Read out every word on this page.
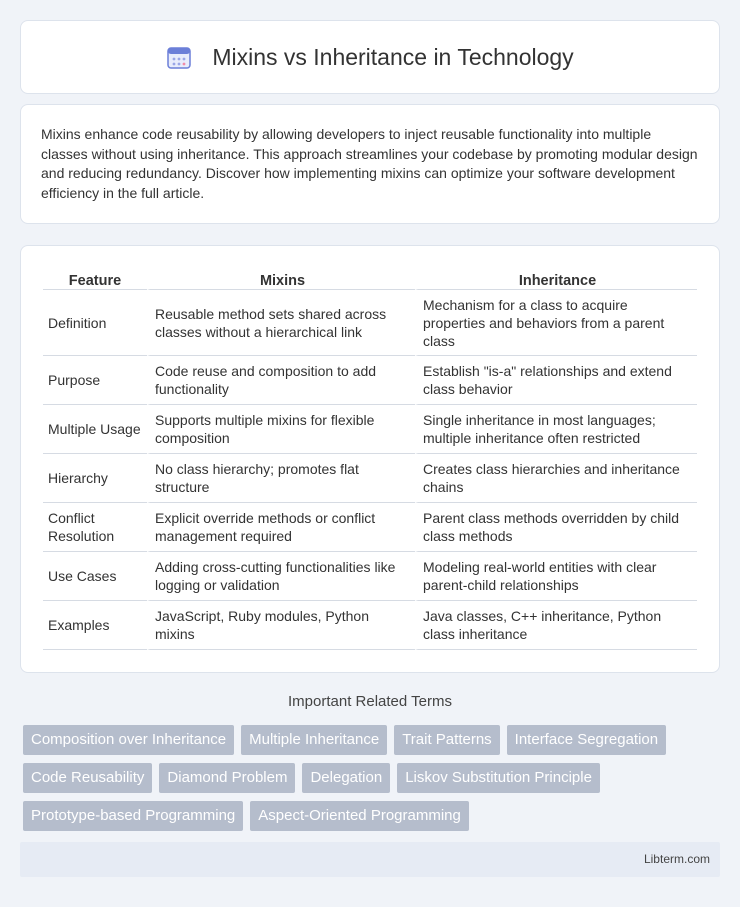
Mixins vs Inheritance in Technology

Mixins enhance code reusability by allowing developers to inject reusable functionality into multiple classes without using inheritance. This approach streamlines your codebase by promoting modular design and reducing redundancy. Discover how implementing mixins can optimize your software development efficiency in the full article.

Feature	Mixins	Inheritance
Definition	Reusable method sets shared across classes without a hierarchical link	Mechanism for a class to acquire properties and behaviors from a parent class
Purpose	Code reuse and composition to add functionality	Establish "is-a" relationships and extend class behavior
Multiple Usage	Supports multiple mixins for flexible composition	Single inheritance in most languages; multiple inheritance often restricted
Hierarchy	No class hierarchy; promotes flat structure	Creates class hierarchies and inheritance chains
Conflict Resolution	Explicit override methods or conflict management required	Parent class methods overridden by child class methods
Use Cases	Adding cross-cutting functionalities like logging or validation	Modeling real-world entities with clear parent-child relationships
Examples	JavaScript, Ruby modules, Python mixins	Java classes, C++ inheritance, Python class inheritance
Important Related Terms
Composition over Inheritance	Multiple Inheritance	Trait Patterns	Interface Segregation
Code Reusability	Diamond Problem	Delegation	Liskov Substitution Principle
Prototype-based Programming	Aspect-Oriented Programming
Libterm.com
